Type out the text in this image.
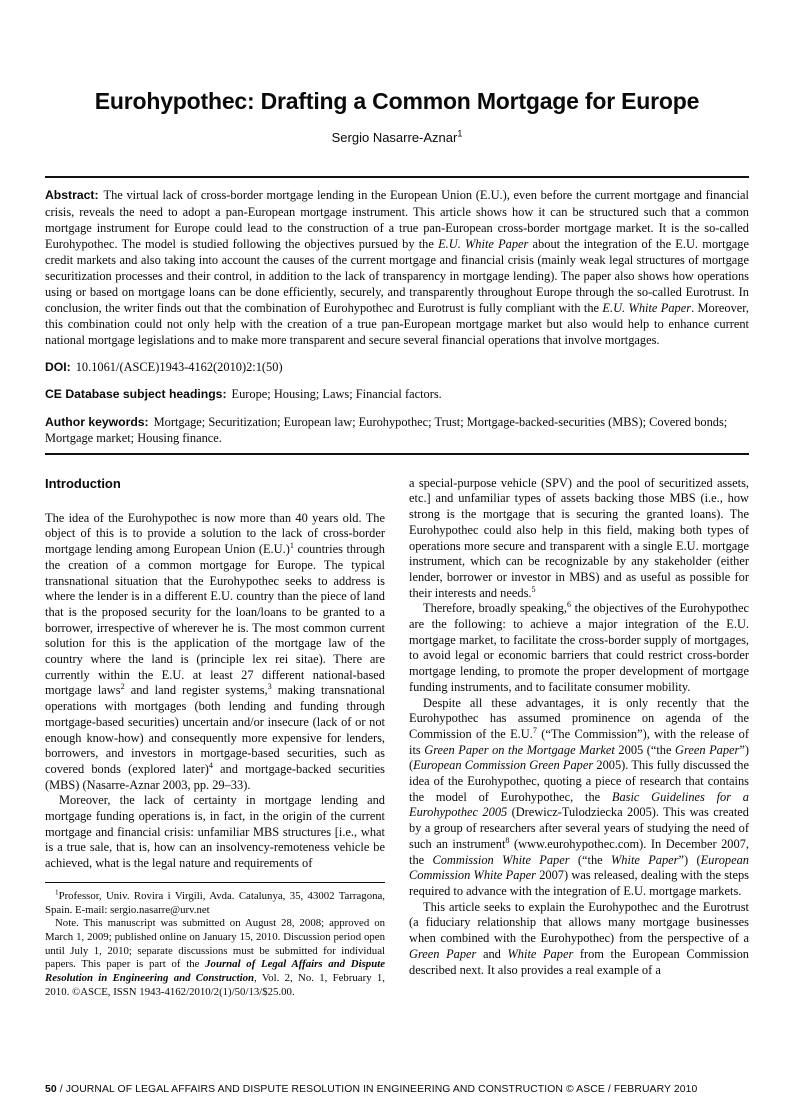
Eurohypothec: Drafting a Common Mortgage for Europe
Sergio Nasarre-Aznar$^1$

Abstract: The virtual lack of cross-border mortgage lending in the European Union (E.U.), even before the current mortgage and financial crisis, reveals the need to adopt a pan-European mortgage instrument. This article shows how it can be structured such that a common mortgage instrument for Europe could lead to the construction of a true pan-European cross-border mortgage market. It is the so-called Eurohypothec. The model is studied following the objectives pursued by the E.U. White Paper about the integration of the E.U. mortgage credit markets and also taking into account the causes of the current mortgage and financial crisis (mainly weak legal structures of mortgage securitization processes and their control, in addition to the lack of transparency in mortgage lending). The paper also shows how operations using or based on mortgage loans can be done efficiently, securely, and transparently throughout Europe through the so-called Eurotrust. In conclusion, the writer finds out that the combination of Eurohypothec and Eurotrust is fully compliant with the E.U. White Paper. Moreover, this combination could not only help with the creation of a true pan-European mortgage market but also would help to enhance current national mortgage legislations and to make more transparent and secure several financial operations that involve mortgages.

DOI: 10.1061/(ASCE)1943-4162(2010)2:1(50)

CE Database subject headings: Europe; Housing; Laws; Financial factors.

Author keywords: Mortgage; Securitization; European law; Eurohypothec; Trust; Mortgage-backed-securities (MBS); Covered bonds; Mortgage market; Housing finance.

Introduction

The idea of the Eurohypothec is now more than 40 years old. The object of this is to provide a solution to the lack of cross-border mortgage lending among European Union $(E.U.)^1$ countries through the creation of a common mortgage for Europe. The typical transnational situation that the Eurohypothec seeks to address is where the lender is in a different E.U. country than the piece of land that is the proposed security for the loan/loans to be granted to a borrower, irrespective of wherever he is. The most common current solution for this is the application of the mortgage law of the country where the land is (principle lex rei sitae). There are currently within the E.U. at least 27 different national-based mortgage laws$^2$ and land register systems,$^3$ making transnational operations with mortgages (both lending and funding through mortgage-based securities) uncertain and/or insecure (lack of or not enough know-how) and consequently more expensive for lenders, borrowers, and investors in mortgage-based securities, such as covered bonds (explored later)$^4$ and mortgage-backed securities (MBS) (Nasarre-Aznar 2003, pp. 29–33).

Moreover, the lack of certainty in mortgage lending and mortgage funding operations is, in fact, in the origin of the current mortgage and financial crisis: unfamiliar MBS structures [i.e., what is a true sale, that is, how can an insolvency-remoteness vehicle be achieved, what is the legal nature and requirements of

$^1$Professor, Univ. Rovira i Virgili, Avda. Catalunya, 35, 43002 Tarragona, Spain. E-mail: sergio.nasarre@urv.net

Note. This manuscript was submitted on August 28, 2008; approved on March 1, 2009; published online on January 15, 2010. Discussion period open until July 1, 2010; separate discussions must be submitted for individual papers. This paper is part of the Journal of Legal Affairs and Dispute Resolution in Engineering and Construction, Vol. 2, No. 1, February 1, 2010. ©ASCE, ISSN 1943-4162/2010/2(1)/50/13/$25.00.

a special-purpose vehicle (SPV) and the pool of securitized assets, etc.] and unfamiliar types of assets backing those MBS (i.e., how strong is the mortgage that is securing the granted loans). The Eurohypothec could also help in this field, making both types of operations more secure and transparent with a single E.U. mortgage instrument, which can be recognizable by any stakeholder (either lender, borrower or investor in MBS) and as useful as possible for their interests and needs.$^5$

Therefore, broadly speaking,$^6$ the objectives of the Eurohypothec are the following: to achieve a major integration of the E.U. mortgage market, to facilitate the cross-border supply of mortgages, to avoid legal or economic barriers that could restrict cross-border mortgage lending, to promote the proper development of mortgage funding instruments, and to facilitate consumer mobility.

Despite all these advantages, it is only recently that the Eurohypothec has assumed prominence on agenda of the Commission of the E.U.$^7$ (“The Commission”), with the release of its Green Paper on the Mortgage Market 2005 (“the Green Paper”) (European Commission Green Paper 2005). This fully discussed the idea of the Eurohypothec, quoting a piece of research that contains the model of Eurohypothec, the Basic Guidelines for a Eurohypothec 2005 (Drewicz-Tulodziecka 2005). This was created by a group of researchers after several years of studying the need of such an instrument$^8$ (www.eurohypothec.com). In December 2007, the Commission White Paper (“the White Paper”) (European Commission White Paper 2007) was released, dealing with the steps required to advance with the integration of E.U. mortgage markets.

This article seeks to explain the Eurohypothec and the Eurotrust (a fiduciary relationship that allows many mortgage businesses when combined with the Eurohypothec) from the perspective of a Green Paper and White Paper from the European Commission described next. It also provides a real example of a

50 / JOURNAL OF LEGAL AFFAIRS AND DISPUTE RESOLUTION IN ENGINEERING AND CONSTRUCTION © ASCE / FEBRUARY 2010
